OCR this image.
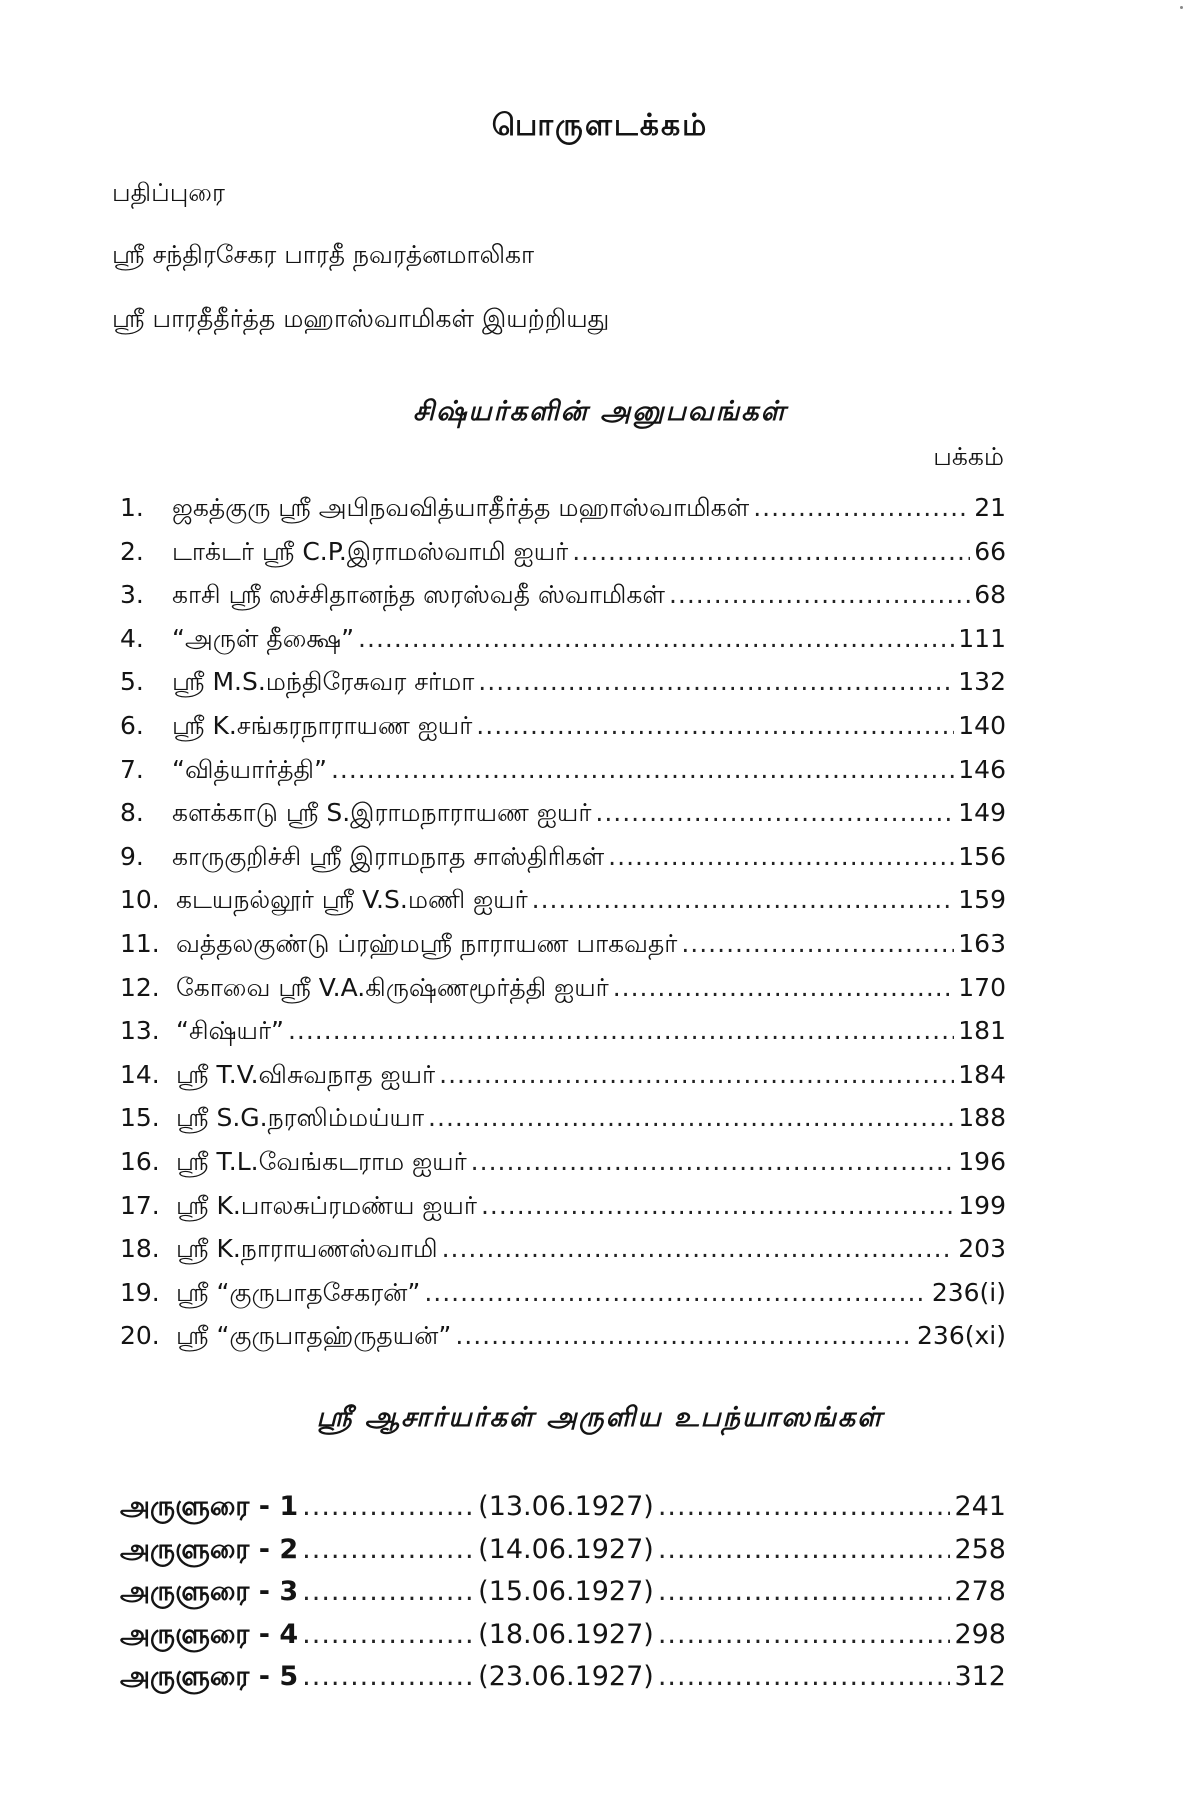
பொருளடக்கம்
பதிப்புரை
ஸ்ரீ சந்திரசேகர பாரதீ நவரத்னமாலிகா
ஸ்ரீ பாரதீதீர்த்த மஹாஸ்வாமிகள் இயற்றியது
சிஷ்யர்களின் அனுபவங்கள்
பக்கம்
1.	ஜகத்குரு ஸ்ரீ அபிநவவித்யாதீர்த்த மஹாஸ்வாமிகள் .....	21
2.	டாக்டர் ஸ்ரீ C.P.இராமஸ்வாமி ஐயர் .....	66
3.	காசி ஸ்ரீ ஸச்சிதானந்த ஸரஸ்வதீ ஸ்வாமிகள் .....	68
4.	“அருள் தீக்ஷை” .....	111
5.	ஸ்ரீ M.S.மந்திரேசுவர சர்மா .....	132
6.	ஸ்ரீ K.சங்கரநாராயண ஐயர் .....	140
7.	“வித்யார்த்தி” .....	146
8.	களக்காடு ஸ்ரீ S.இராமநாராயண ஐயர் .....	149
9.	காருகுறிச்சி ஸ்ரீ இராமநாத சாஸ்திரிகள் .....	156
10. கடயநல்லூர் ஸ்ரீ V.S.மணி ஐயர் .....	159
11. வத்தலகுண்டு ப்ரஹ்மஸ்ரீ நாராயண பாகவதர் .....	163
12. கோவை ஸ்ரீ V.A.கிருஷ்ணமூர்த்தி ஐயர் .....	170
13. “சிஷ்யர்” .....	181
14. ஸ்ரீ T.V.விசுவநாத ஐயர் .....	184
15. ஸ்ரீ S.G.நரஸிம்மய்யா .....	188
16. ஸ்ரீ T.L.வேங்கடராம ஐயர் .....	196
17. ஸ்ரீ K.பாலசுப்ரமண்ய ஐயர் .....	199
18. ஸ்ரீ K.நாராயணஸ்வாமி .....	203
19. ஸ்ரீ “குருபாதசேகரன்” .....	236(i)
20. ஸ்ரீ “குருபாதஹ்ருதயன்” .....	236(xi)
ஸ்ரீ ஆசார்யர்கள் அருளிய உபந்யாஸங்கள்
அருளுரை - 1 .....	(13.06.1927) .....	241
அருளுரை - 2 .....	(14.06.1927) .....	258
அருளுரை - 3 .....	(15.06.1927) .....	278
அருளுரை - 4 .....	(18.06.1927) .....	298
அருளுரை - 5 .....	(23.06.1927) .....	312
